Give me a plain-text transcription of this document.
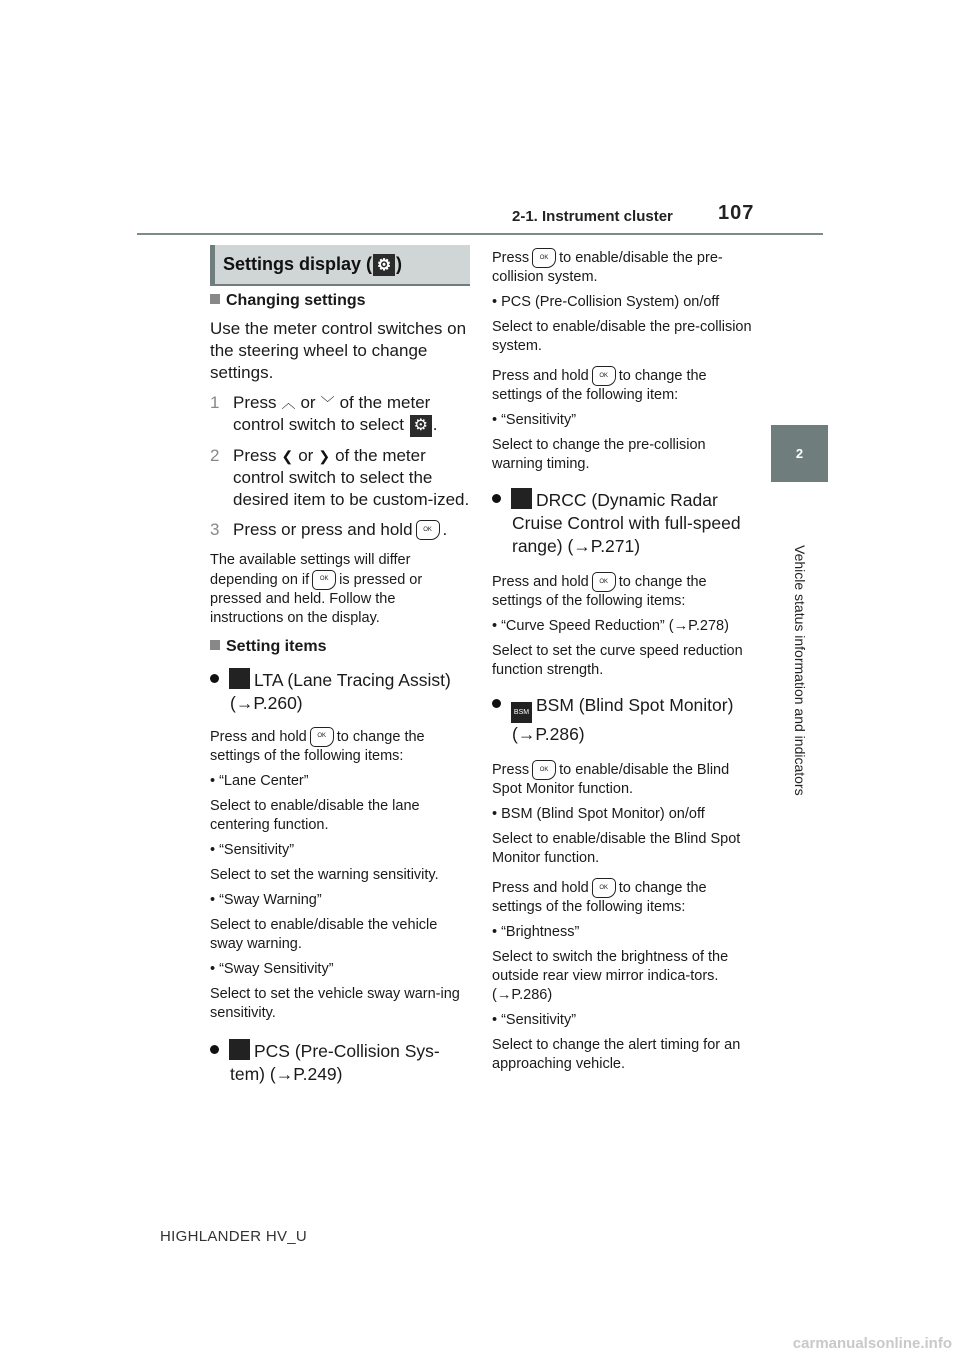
2-1. Instrument cluster 107
2
Vehicle status information and indicators
Settings display ( ⚙ )
Changing settings
Use the meter control switches on the steering wheel to change settings.
1 Press ︿ or ﹀ of the meter control switch to select ⚙ .
2 Press ❮ or ❯ of the meter control switch to select the desired item to be custom-ized.
3 Press or press and hold OK .
The available settings will differ depending on if OK is pressed or pressed and held. Follow the instructions on the display.
Setting items
LTA (Lane Tracing Assist) (→P.260)
Press and hold OK to change the settings of the following items:
• “Lane Center”
Select to enable/disable the lane centering function.
• “Sensitivity”
Select to set the warning sensitivity.
• “Sway Warning”
Select to enable/disable the vehicle sway warning.
• “Sway Sensitivity”
Select to set the vehicle sway warn-ing sensitivity.
PCS (Pre-Collision Sys-tem) (→P.249)
Press OK to enable/disable the pre-collision system.
• PCS (Pre-Collision System) on/off
Select to enable/disable the pre-collision system.
Press and hold OK to change the settings of the following item:
• “Sensitivity”
Select to change the pre-collision warning timing.
DRCC (Dynamic Radar Cruise Control with full-speed range) (→P.271)
Press and hold OK to change the settings of the following items:
• “Curve Speed Reduction” (→P.278)
Select to set the curve speed reduction function strength.
BSM BSM (Blind Spot Monitor) (→P.286)
Press OK to enable/disable the Blind Spot Monitor function.
• BSM (Blind Spot Monitor) on/off
Select to enable/disable the Blind Spot Monitor function.
Press and hold OK to change the settings of the following items:
• “Brightness”
Select to switch the brightness of the outside rear view mirror indica-tors. (→P.286)
• “Sensitivity”
Select to change the alert timing for an approaching vehicle.
HIGHLANDER HV_U
carmanualsonline.info
